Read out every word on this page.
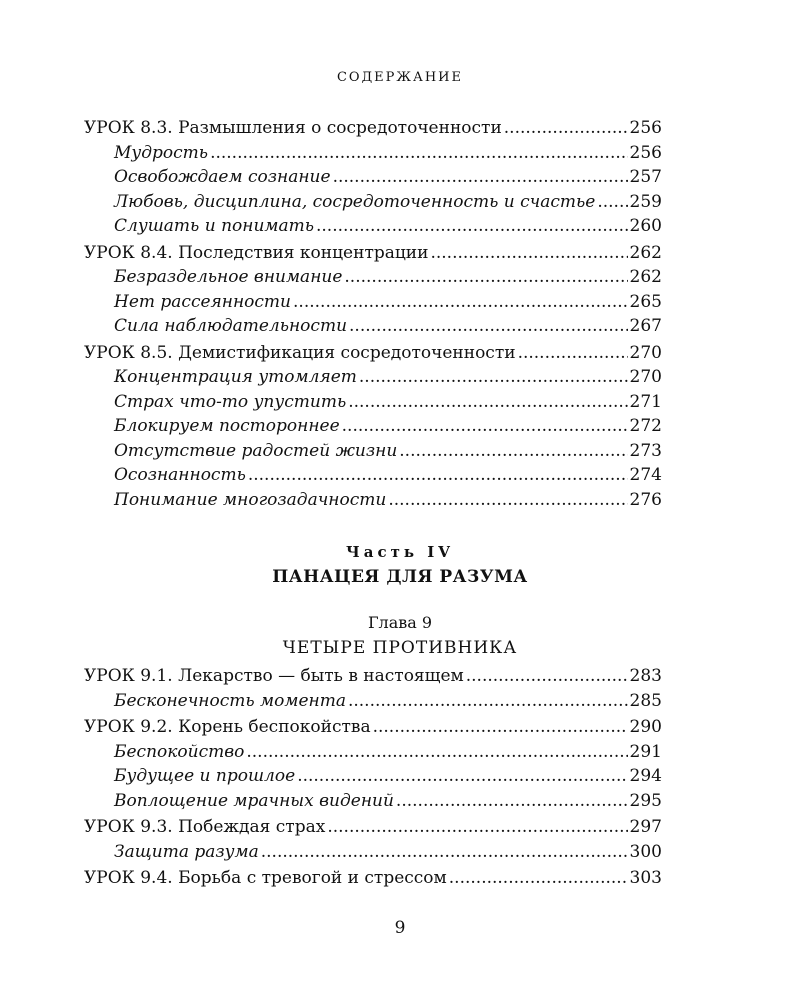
СОДЕРЖАНИЕ
УРОК 8.3. Размышления о сосредоточенности .....	256
Мудрость .....	256
Освобождаем сознание .....	257
Любовь, дисциплина, сосредоточенность и счастье ..... 259
Слушать и понимать .....	260
УРОК 8.4. Последствия концентрации .....	262
Безраздельное внимание .....	262
Нет рассеянности .....	265
Сила наблюдательности .....	267
УРОК 8.5. Демистификация сосредоточенности .....	270
Концентрация утомляет .....	270
Страх что-то упустить .....	271
Блокируем постороннее .....	272
Отсутствие радостей жизни .....	273
Осознанность .....	274
Понимание многозадачности .....	276
Часть IV
ПАНАЦЕЯ ДЛЯ РАЗУМА
Глава 9
ЧЕТЫРЕ ПРОТИВНИКА
УРОК 9.1. Лекарство — быть в настоящем .....	283
Бесконечность момента .....	285
УРОК 9.2. Корень беспокойства .....	290
Беспокойство .....	291
Будущее и прошлое .....	294
Воплощение мрачных видений .....	295
УРОК 9.3. Побеждая страх .....	297
Защита разума .....	300
УРОК 9.4. Борьба с тревогой и стрессом .....	303
9
